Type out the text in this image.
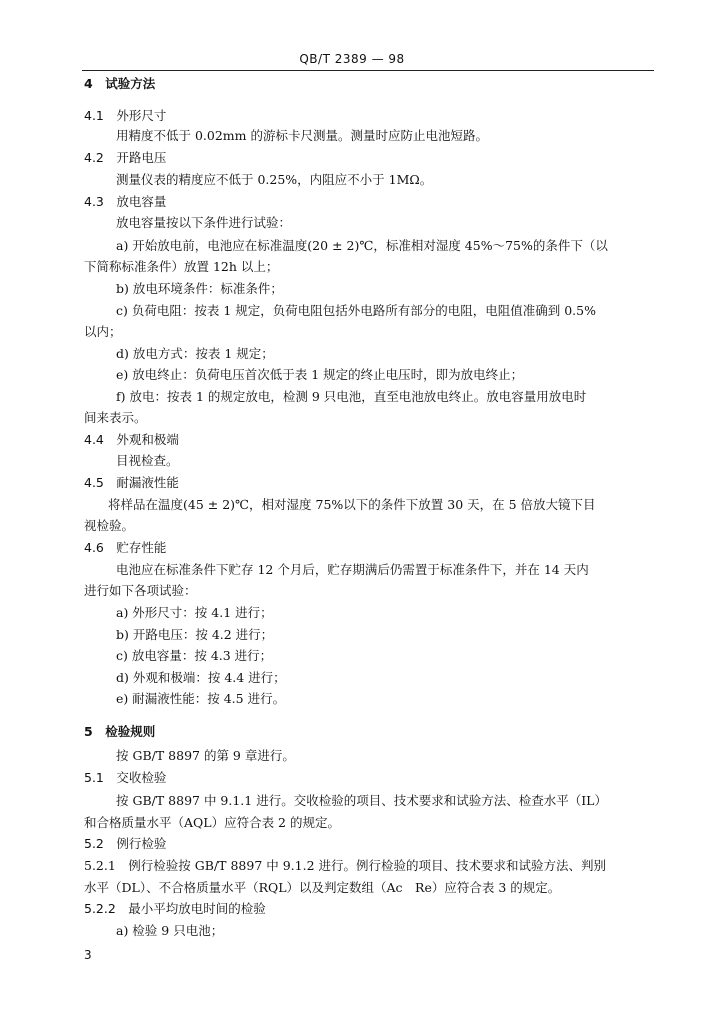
QB/T 2389 — 98
4　试验方法
4.1　外形尺寸
用精度不低于 0.02mm 的游标卡尺测量。测量时应防止电池短路。
4.2　开路电压
测量仪表的精度应不低于 0.25%，内阻应不小于 1MΩ。
4.3　放电容量
放电容量按以下条件进行试验：
a) 开始放电前，电池应在标准温度(20 ± 2)℃，标准相对湿度 45%～75%的条件下（以
下简称标准条件）放置 12h 以上；
b) 放电环境条件：标准条件；
c) 负荷电阻：按表 1 规定，负荷电阻包括外电路所有部分的电阻，电阻值准确到 0.5%
以内；
d) 放电方式：按表 1 规定；
e) 放电终止：负荷电压首次低于表 1 规定的终止电压时，即为放电终止；
f) 放电：按表 1 的规定放电，检测 9 只电池，直至电池放电终止。放电容量用放电时
间来表示。
4.4　外观和极端
目视检查。
4.5　耐漏液性能
将样品在温度(45 ± 2)℃，相对湿度 75%以下的条件下放置 30 天，在 5 倍放大镜下目
视检验。
4.6　贮存性能
电池应在标准条件下贮存 12 个月后，贮存期满后仍需置于标准条件下，并在 14 天内
进行如下各项试验：
a) 外形尺寸：按 4.1 进行；
b) 开路电压：按 4.2 进行；
c) 放电容量：按 4.3 进行；
d) 外观和极端：按 4.4 进行；
e) 耐漏液性能：按 4.5 进行。
5　检验规则
按 GB/T 8897 的第 9 章进行。
5.1　交收检验
按 GB/T 8897 中 9.1.1 进行。交收检验的项目、技术要求和试验方法、检查水平（IL）
和合格质量水平（AQL）应符合表 2 的规定。
5.2　例行检验
5.2.1　例行检验按 GB/T 8897 中 9.1.2 进行。例行检验的项目、技术要求和试验方法、判别
水平（DL）、不合格质量水平（RQL）以及判定数组（Ac　Re）应符合表 3 的规定。
5.2.2　最小平均放电时间的检验
a) 检验 9 只电池；
3
